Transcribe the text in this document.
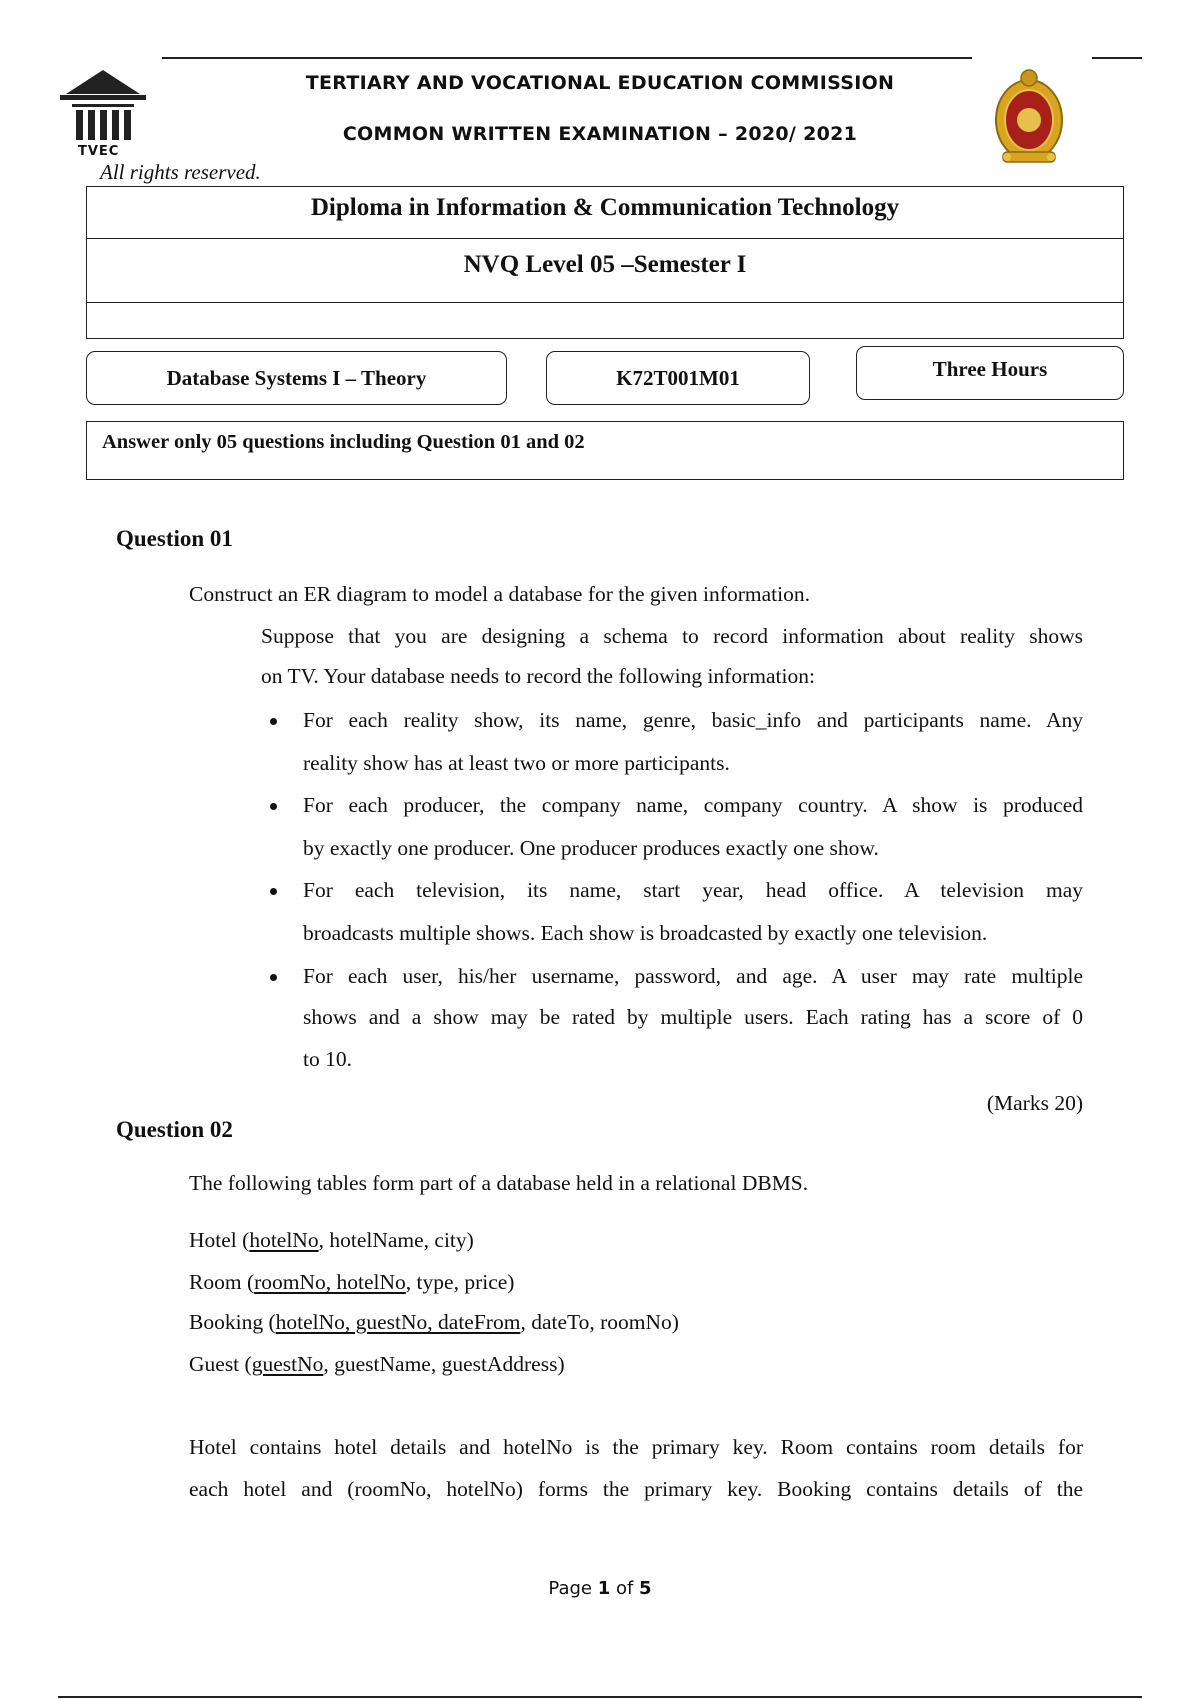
TVEC
TERTIARY AND VOCATIONAL EDUCATION COMMISSION
COMMON WRITTEN EXAMINATION – 2020/ 2021
All rights reserved.
Diploma in Information & Communication Technology
NVQ Level 05 –Semester I
Database Systems I – Theory	K72T001M01	Three Hours
Answer only 05 questions including Question 01 and 02
Question 01
Construct an ER diagram to model a database for the given information.
Suppose that you are designing a schema to record information about reality shows
on TV. Your database needs to record the following information:
For each reality show, its name, genre, basic_info and participants name. Any
reality show has at least two or more participants.
For each producer, the company name, company country. A show is produced
by exactly one producer. One producer produces exactly one show.
For each television, its name, start year, head office. A television may
broadcasts multiple shows. Each show is broadcasted by exactly one television.
For each user, his/her username, password, and age. A user may rate multiple
shows and a show may be rated by multiple users. Each rating has a score of 0
to 10.
(Marks 20)
Question 02
The following tables form part of a database held in a relational DBMS.
Hotel (hotelNo, hotelName, city)
Room (roomNo, hotelNo, type, price)
Booking (hotelNo, guestNo, dateFrom, dateTo, roomNo)
Guest (guestNo, guestName, guestAddress)
Hotel contains hotel details and hotelNo is the primary key. Room contains room details for
each hotel and (roomNo, hotelNo) forms the primary key. Booking contains details of the
Page 1 of 5
